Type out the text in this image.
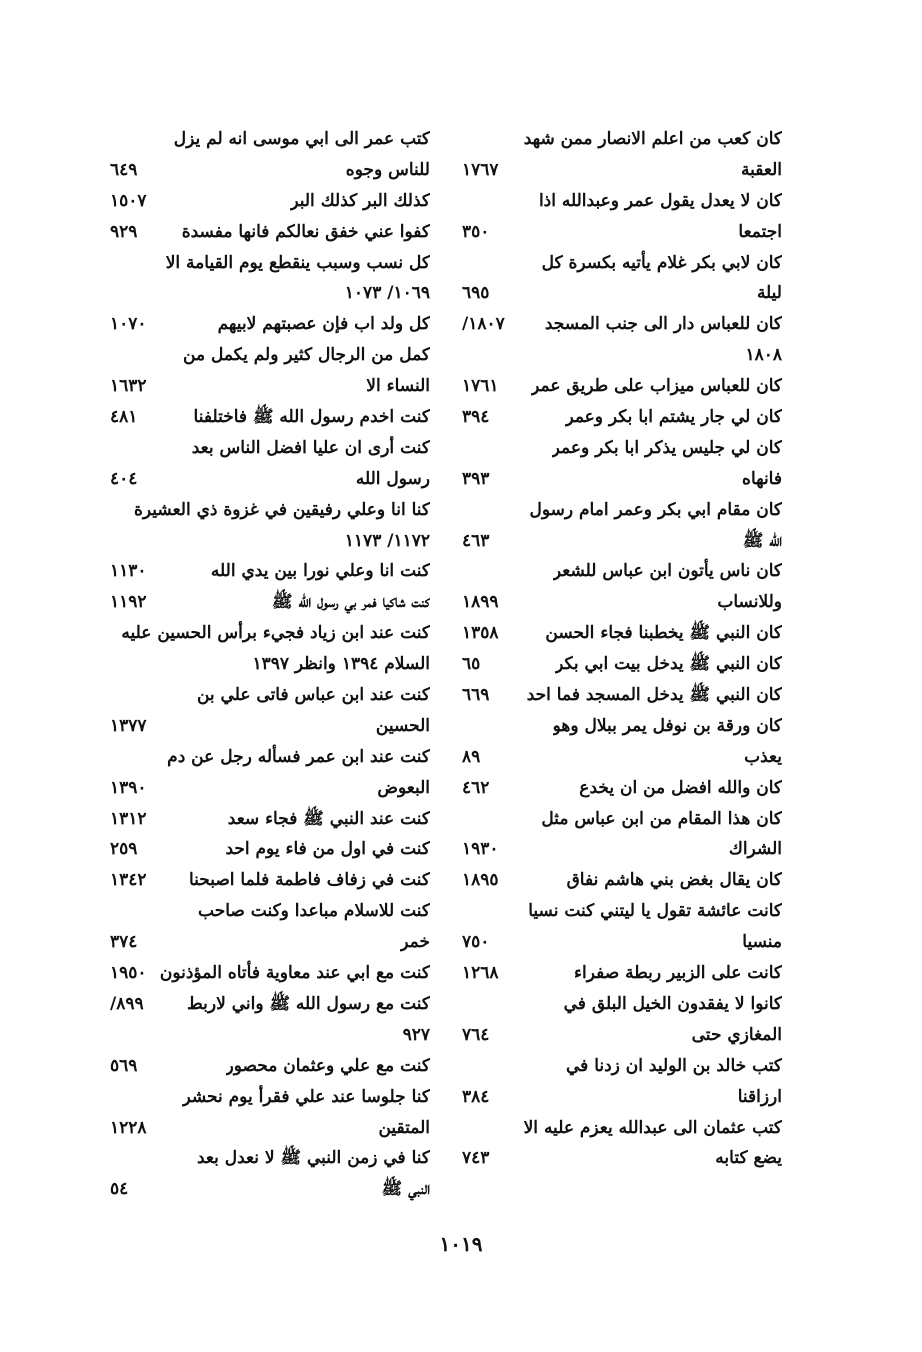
كان كعب من اعلم الانصار ممن شهد
العقبة
١٧٦٧
كان لا يعدل يقول عمر وعبدالله اذا
اجتمعا
٣٥٠
كان لابي بكر غلام يأتيه بكسرة كل
ليلة
٦٩٥
كان للعباس دار الى جنب المسجد
١٨٠٧/
١٨٠٨
كان للعباس ميزاب على طريق عمر
١٧٦١
كان لي جار يشتم ابا بكر وعمر
٣٩٤
كان لي جليس يذكر ابا بكر وعمر
فانهاه
٣٩٣
كان مقام ابي بكر وعمر امام رسول
الله ﷺ
٤٦٣
كان ناس يأتون ابن عباس للشعر
وللانساب
١٨٩٩
كان النبي ﷺ يخطبنا فجاء الحسن
١٣٥٨
كان النبي ﷺ يدخل بيت ابي بكر
٦٥
كان النبي ﷺ يدخل المسجد فما احد
٦٦٩
كان ورقة بن نوفل يمر ببلال وهو
يعذب
٨٩
كان والله افضل من ان يخدع
٤٦٢
كان هذا المقام من ابن عباس مثل
الشراك
١٩٣٠
كان يقال بغض بني هاشم نفاق
١٨٩٥
كانت عائشة تقول يا ليتني كنت نسيا
منسيا
٧٥٠
كانت على الزبير ربطة صفراء
١٢٦٨
كانوا لا يفقدون الخيل البلق في
المغازي حتى
٧٦٤
كتب خالد بن الوليد ان زدنا في
ارزاقنا
٣٨٤
كتب عثمان الى عبدالله يعزم عليه الا
يضع كتابه
٧٤٣
كتب عمر الى ابي موسى انه لم يزل
للناس وجوه
٦٤٩
كذلك البر كذلك البر
١٥٠٧
كفوا عني خفق نعالكم فانها مفسدة
٩٢٩
كل نسب وسبب ينقطع يوم القيامة الا
١٠٦٩/ ١٠٧٣
كل ولد اب فإن عصبتهم لابيهم
١٠٧٠
كمل من الرجال كثير ولم يكمل من
النساء الا
١٦٣٢
كنت اخدم رسول الله ﷺ فاختلفنا
٤٨١
كنت أرى ان عليا افضل الناس بعد
رسول الله
٤٠٤
كنا انا وعلي رفيقين في غزوة ذي العشيرة
١١٧٢/ ١١٧٣
كنت انا وعلي نورا بين يدي الله
١١٣٠
كنت شاكيا فمر بي رسول الله ﷺ
١١٩٢
كنت عند ابن زياد فجيء برأس الحسين عليه
السلام ١٣٩٤ وانظر ١٣٩٧
كنت عند ابن عباس فاتى علي بن
الحسين
١٣٧٧
كنت عند ابن عمر فسأله رجل عن دم
البعوض
١٣٩٠
كنت عند النبي ﷺ فجاء سعد
١٣١٢
كنت في اول من فاء يوم احد
٢٥٩
كنت في زفاف فاطمة فلما اصبحنا
١٣٤٢
كنت للاسلام مباعدا وكنت صاحب
خمر
٣٧٤
كنت مع ابي عند معاوية فأتاه المؤذنون
١٩٥٠
كنت مع رسول الله ﷺ واني لاربط
٨٩٩/
٩٢٧
كنت مع علي وعثمان محصور
٥٦٩
كنا جلوسا عند علي فقرأ يوم نحشر
المتقين
١٢٢٨
كنا في زمن النبي ﷺ لا نعدل بعد
النبي ﷺ
٥٤
١٠١٩
